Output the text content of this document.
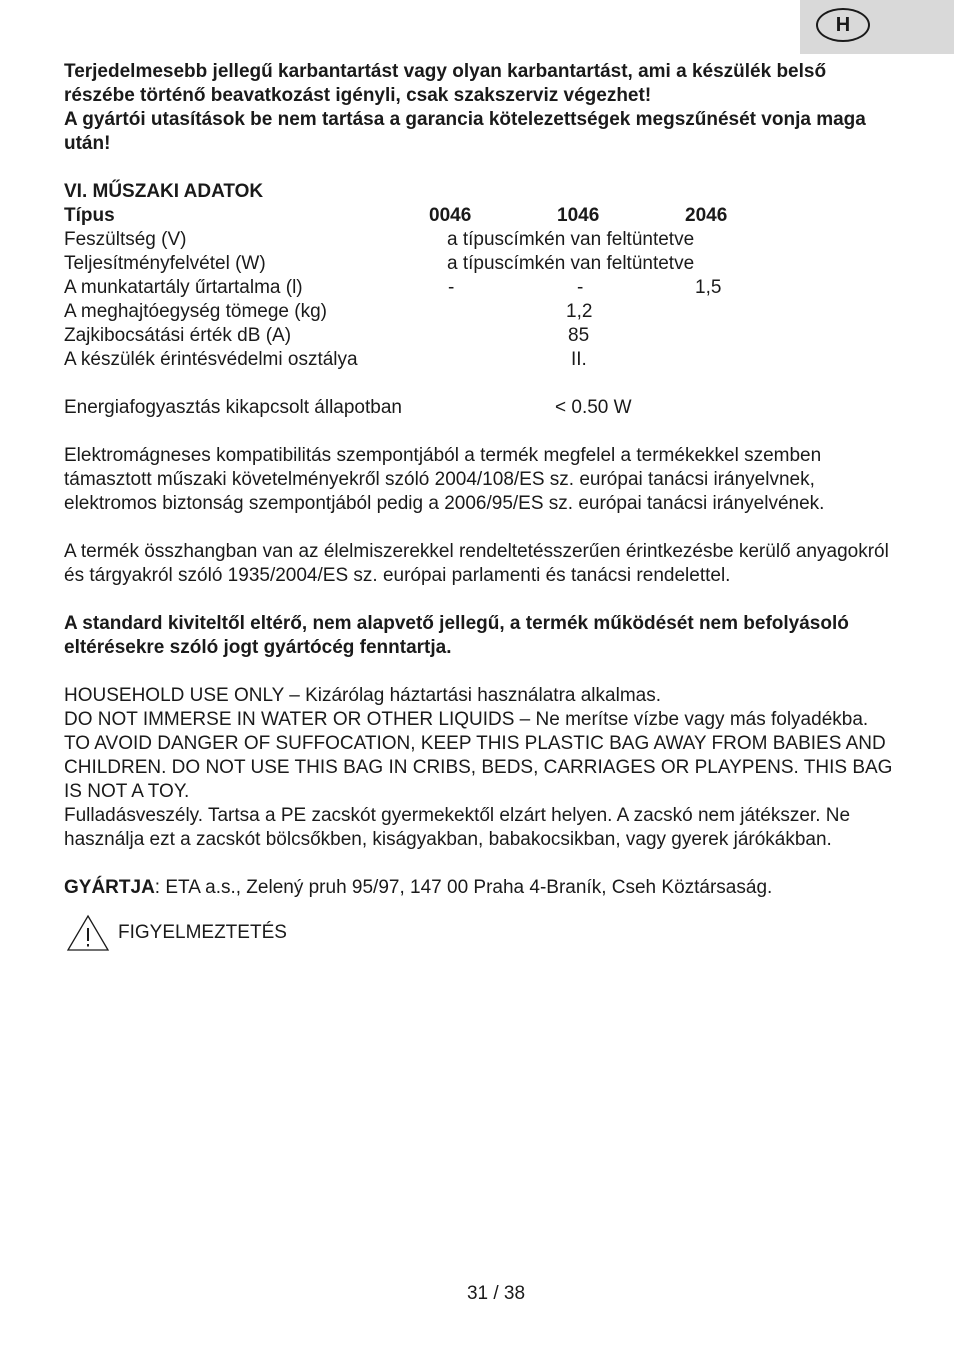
H

Terjedelmesebb jellegű karbantartást vagy olyan karbantartást, ami a készülék belső részébe történő beavatkozást igényli, csak szakszerviz végezhet!

A gyártói utasítások be nem tartása a garancia kötelezettségek megszűnését vonja maga után!

VI. MŰSZAKI ADATOK

Típus	0046	1046	2046
Feszültség (V)	a típuscímkén van feltüntetve
Teljesítményfelvétel (W)	a típuscímkén van feltüntetve
A munkatartály űrtartalma (l)	-	-	1,5
A meghajtóegység tömege (kg)	1,2
Zajkibocsátási érték dB (A)	85
A készülék érintésvédelmi osztálya	II.
Energiafogyasztás kikapcsolt állapotban	< 0.50 W

Elektromágneses kompatibilitás szempontjából a termék megfelel a termékekkel szemben támasztott műszaki követelményekről szóló 2004/108/ES sz. európai tanácsi irányelvnek, elektromos biztonság szempontjából pedig a 2006/95/ES sz. európai tanácsi irányelvének.

A termék összhangban van az élelmiszerekkel rendeltetésszerűen érintkezésbe kerülő anyagokról és tárgyakról szóló 1935/2004/ES sz. európai parlamenti és tanácsi rendelettel.

A standard kiviteltől eltérő, nem alapvető jellegű, a termék működését nem befolyásoló eltérésekre szóló jogt gyártócég fenntartja.

HOUSEHOLD USE ONLY – Kizárólag háztartási használatra alkalmas.

DO NOT IMMERSE IN WATER OR OTHER LIQUIDS – Ne merítse vízbe vagy más folyadékba.

TO AVOID DANGER OF SUFFOCATION, KEEP THIS PLASTIC BAG AWAY FROM BABIES AND CHILDREN. DO NOT USE THIS BAG IN CRIBS, BEDS, CARRIAGES OR PLAYPENS. THIS BAG IS NOT A TOY.

Fulladásveszély. Tartsa a PE zacskót gyermekektől elzárt helyen. A zacskó nem játékszer. Ne használja ezt a zacskót bölcsőkben, kiságyakban, babakocsikban, vagy gyerek járókákban.

GYÁRTJA: ETA a.s., Zelený pruh 95/97, 147 00 Praha 4-Braník, Cseh Köztársaság.

FIGYELMEZTETÉS
31 / 38
